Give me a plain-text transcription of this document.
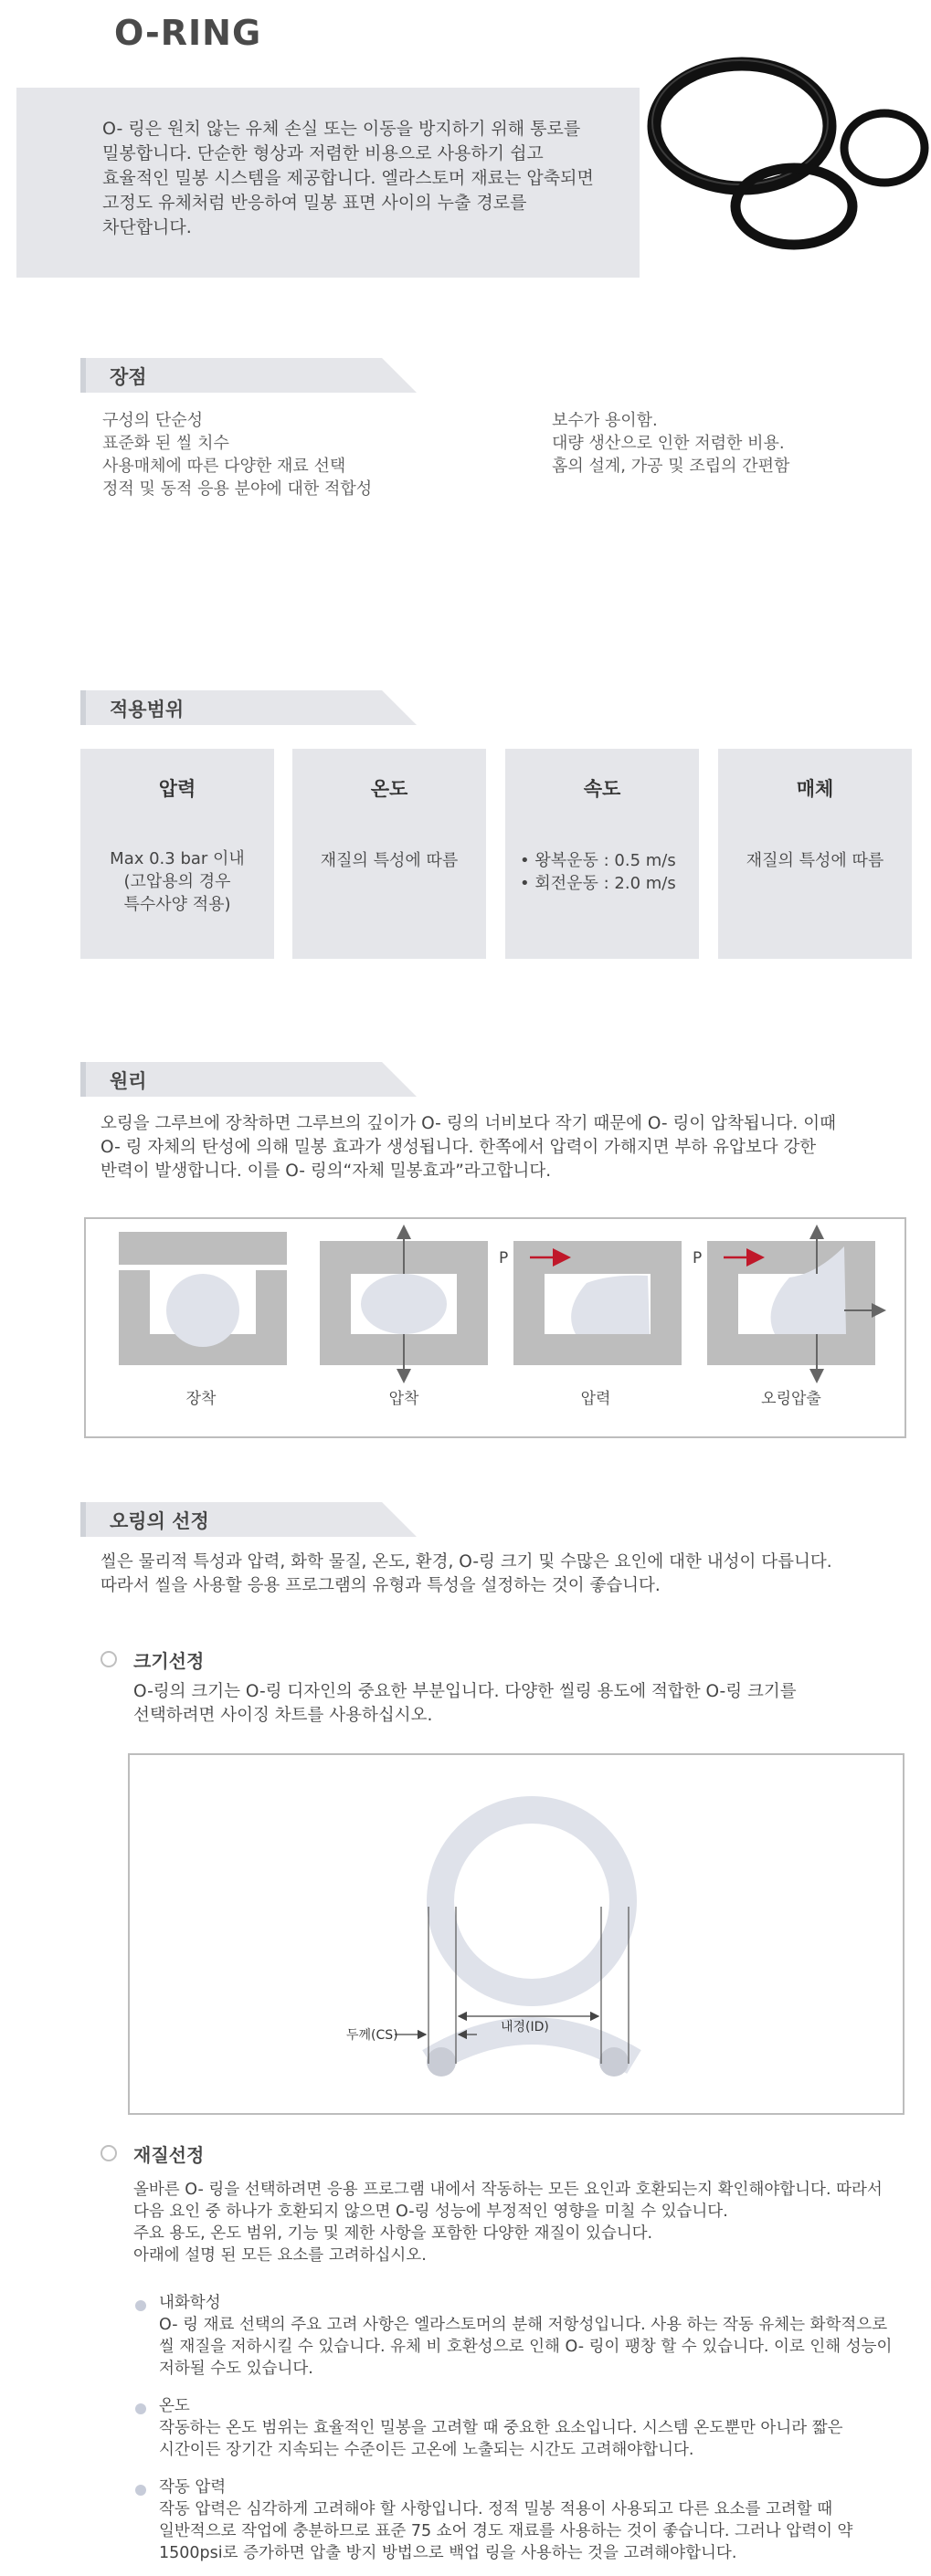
O-RING
O- 링은 원치 않는 유체 손실 또는 이동을 방지하기 위해 통로를
밀봉합니다. 단순한 형상과 저렴한 비용으로 사용하기 쉽고
효율적인 밀봉 시스템을 제공합니다. 엘라스토머 재료는 압축되면
고정도 유체처럼 반응하여 밀봉 표면 사이의 누출 경로를
차단합니다.
장점
구성의 단순성
표준화 된 씰 치수
사용매체에 따른 다양한 재료 선택
정적 및 동적 응용 분야에 대한 적합성
보수가 용이함.
대량 생산으로 인한 저렴한 비용.
홈의 설계, 가공 및 조립의 간편함
적용범위
압력
Max 0.3 bar 이내
(고압용의 경우
특수사양 적용)
온도
재질의 특성에 따름
속도
• 왕복운동 : 0.5 m/s
• 회전운동 : 2.0 m/s
매체
재질의 특성에 따름
원리
오링을 그루브에 장착하면 그루브의 깊이가 O- 링의 너비보다 작기 때문에 O- 링이 압착됩니다. 이때
O- 링 자체의 탄성에 의해 밀봉 효과가 생성됩니다. 한쪽에서 압력이 가해지면 부하 유압보다 강한
반력이 발생합니다. 이를 O- 링의“자체 밀봉효과”라고합니다.
P	P
장착	압착	압력	오링압출
오링의 선정
씰은 물리적 특성과 압력, 화학 물질, 온도, 환경, O-링 크기 및 수많은 요인에 대한 내성이 다릅니다.
따라서 씰을 사용할 응용 프로그램의 유형과 특성을 설정하는 것이 좋습니다.
크기선정
O-링의 크기는 O-링 디자인의 중요한 부분입니다. 다양한 씰링 용도에 적합한 O-링 크기를
선택하려면 사이징 차트를 사용하십시오.
두께(CS)
내경(ID)
재질선정
올바른 O- 링을 선택하려면 응용 프로그램 내에서 작동하는 모든 요인과 호환되는지 확인해야합니다. 따라서
다음 요인 중 하나가 호환되지 않으면 O-링 성능에 부정적인 영향을 미칠 수 있습니다.
주요 용도, 온도 범위, 기능 및 제한 사항을 포함한 다양한 재질이 있습니다.
아래에 설명 된 모든 요소를 고려하십시오.
내화학성
O- 링 재료 선택의 주요 고려 사항은 엘라스토머의 분해 저항성입니다. 사용 하는 작동 유체는 화학적으로
씰 재질을 저하시킬 수 있습니다. 유체 비 호환성으로 인해 O- 링이 팽창 할 수 있습니다. 이로 인해 성능이
저하될 수도 있습니다.
온도
작동하는 온도 범위는 효율적인 밀봉을 고려할 때 중요한 요소입니다. 시스템 온도뿐만 아니라 짧은
시간이든 장기간 지속되는 수준이든 고온에 노출되는 시간도 고려해야합니다.
작동 압력
작동 압력은 심각하게 고려해야 할 사항입니다. 정적 밀봉 적용이 사용되고 다른 요소를 고려할 때
일반적으로 작업에 충분하므로 표준 75 쇼어 경도 재료를 사용하는 것이 좋습니다. 그러나 압력이 약
1500psi로 증가하면 압출 방지 방법으로 백업 링을 사용하는 것을 고려해야합니다.
